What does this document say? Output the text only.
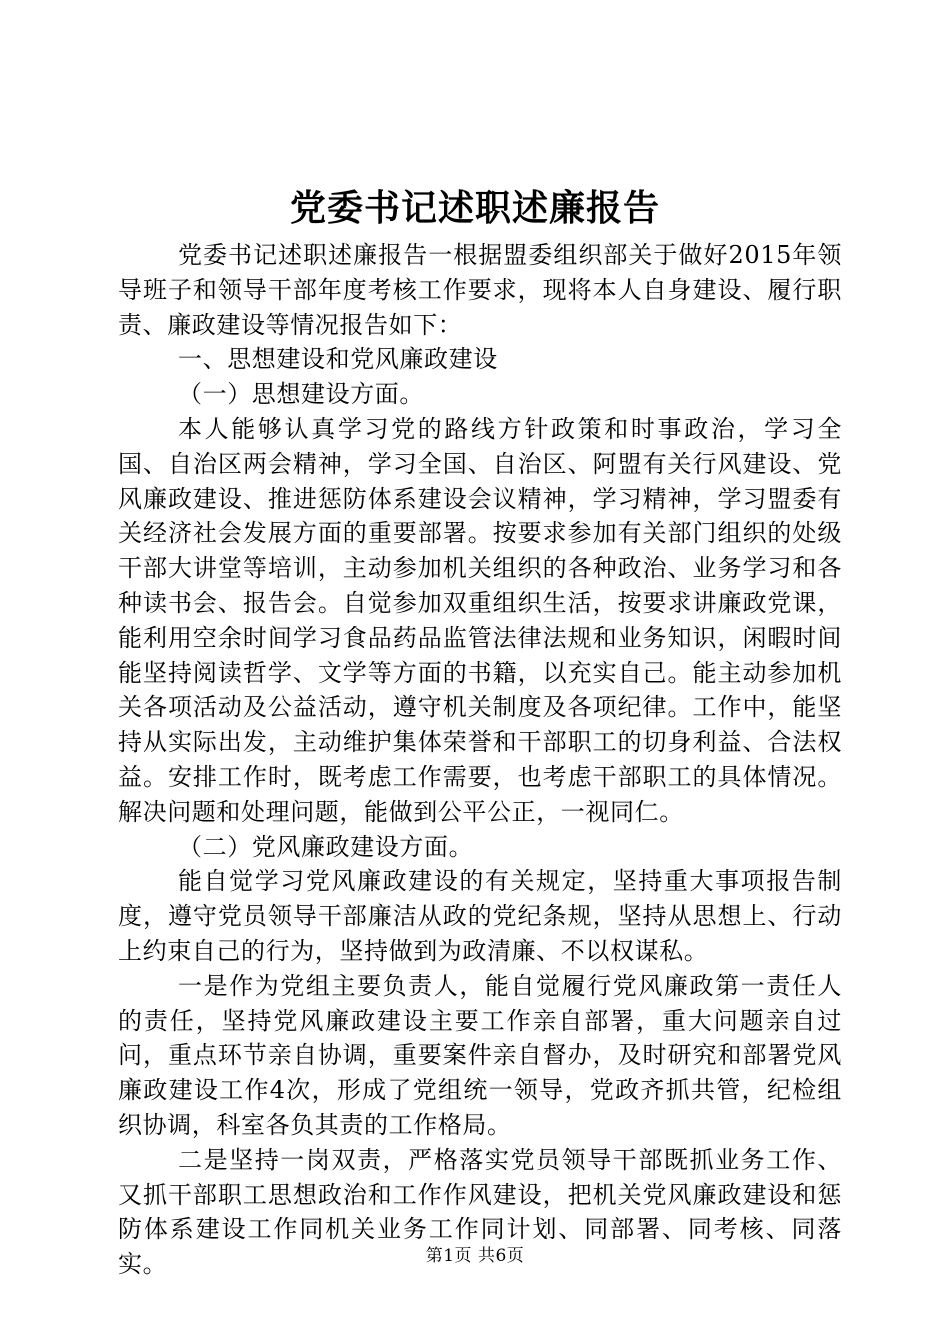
党委书记述职述廉报告

党委书记述职述廉报告一根据盟委组织部关于做好2015年领导班子和领导干部年度考核工作要求，现将本人自身建设、履行职责、廉政建设等情况报告如下：

一、思想建设和党风廉政建设

（一）思想建设方面。

本人能够认真学习党的路线方针政策和时事政治，学习全国、自治区两会精神，学习全国、自治区、阿盟有关行风建设、党风廉政建设、推进惩防体系建设会议精神，学习精神，学习盟委有关经济社会发展方面的重要部署。按要求参加有关部门组织的处级干部大讲堂等培训，主动参加机关组织的各种政治、业务学习和各种读书会、报告会。自觉参加双重组织生活，按要求讲廉政党课，能利用空余时间学习食品药品监管法律法规和业务知识，闲暇时间能坚持阅读哲学、文学等方面的书籍，以充实自己。能主动参加机关各项活动及公益活动，遵守机关制度及各项纪律。工作中，能坚持从实际出发，主动维护集体荣誉和干部职工的切身利益、合法权益。安排工作时，既考虑工作需要，也考虑干部职工的具体情况。解决问题和处理问题，能做到公平公正，一视同仁。

（二）党风廉政建设方面。

能自觉学习党风廉政建设的有关规定，坚持重大事项报告制度，遵守党员领导干部廉洁从政的党纪条规，坚持从思想上、行动上约束自己的行为，坚持做到为政清廉、不以权谋私。

一是作为党组主要负责人，能自觉履行党风廉政第一责任人的责任，坚持党风廉政建设主要工作亲自部署，重大问题亲自过问，重点环节亲自协调，重要案件亲自督办，及时研究和部署党风廉政建设工作4次，形成了党组统一领导，党政齐抓共管，纪检组织协调，科室各负其责的工作格局。

二是坚持一岗双责，严格落实党员领导干部既抓业务工作、又抓干部职工思想政治和工作作风建设，把机关党风廉政建设和惩防体系建设工作同机关业务工作同计划、同部署、同考核、同落实。	第1页 共6页
